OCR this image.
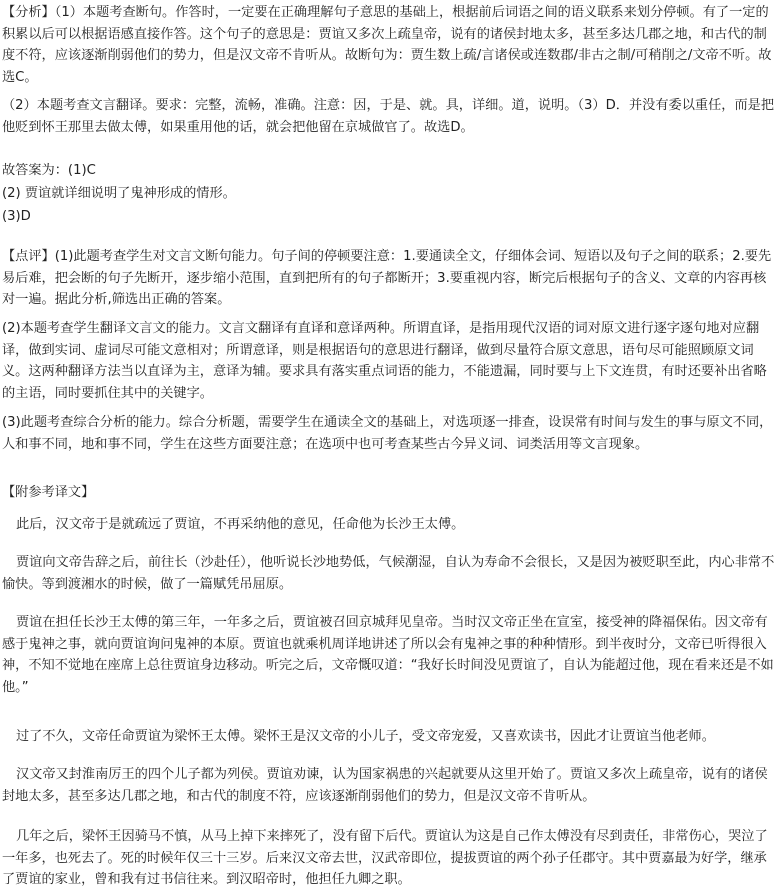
【分析】（1）本题考查断句。作答时，一定要在正确理解句子意思的基础上，根据前后词语之间的语义联系来划分停顿。有了一定的积累以后可以根据语感直接作答。这个句子的意思是：贾谊又多次上疏皇帝，说有的诸侯封地太多，甚至多达几郡之地，和古代的制度不符，应该逐渐削弱他们的势力，但是汉文帝不肯听从。故断句为：贾生数上疏/言诸侯或连数郡/非古之制/可稍削之/文帝不听。故选C。

（2）本题考查文言翻译。要求：完整，流畅，准确。注意：因，于是、就。具，详细。道，说明。（3）D．并没有委以重任，而是把他贬到怀王那里去做太傅，如果重用他的话，就会把他留在京城做官了。故选D。

故答案为：(1)C

(2) 贾谊就详细说明了鬼神形成的情形。

(3)D

【点评】(1)此题考查学生对文言文断句能力。句子间的停顿要注意：1.要通读全文，仔细体会词、短语以及句子之间的联系；2.要先易后难，把会断的句子先断开，逐步缩小范围，直到把所有的句子都断开；3.要重视内容，断完后根据句子的含义、文章的内容再核对一遍。据此分析,筛选出正确的答案。

(2)本题考查学生翻译文言文的能力。文言文翻译有直译和意译两种。所谓直译，是指用现代汉语的词对原文进行逐字逐句地对应翻译，做到实词、虚词尽可能文意相对；所谓意译，则是根据语句的意思进行翻译，做到尽量符合原文意思，语句尽可能照顾原文词义。这两种翻译方法当以直译为主，意译为辅。要求具有落实重点词语的能力，不能遗漏，同时要与上下文连贯，有时还要补出省略的主语，同时要抓住其中的关键字。

(3)此题考查综合分析的能力。综合分析题，需要学生在通读全文的基础上，对选项逐一排查，设误常有时间与发生的事与原文不同，人和事不同，地和事不同，学生在这些方面要注意；在选项中也可考查某些古今异义词、词类活用等文言现象。

【附参考译文】

此后，汉文帝于是就疏远了贾谊，不再采纳他的意见，任命他为长沙王太傅。

贾谊向文帝告辞之后，前往长（沙赴任），他听说长沙地势低，气候潮湿，自认为寿命不会很长，又是因为被贬职至此，内心非常不愉快。等到渡湘水的时候，做了一篇赋凭吊屈原。

贾谊在担任长沙王太傅的第三年，一年多之后，贾谊被召回京城拜见皇帝。当时汉文帝正坐在宣室，接受神的降福保佑。因文帝有感于鬼神之事，就向贾谊询问鬼神的本原。贾谊也就乘机周详地讲述了所以会有鬼神之事的种种情形。到半夜时分，文帝已听得很入神，不知不觉地在座席上总往贾谊身边移动。听完之后，文帝慨叹道：“我好长时间没见贾谊了，自认为能超过他，现在看来还是不如他。”

过了不久，文帝任命贾谊为梁怀王太傅。梁怀王是汉文帝的小儿子，受文帝宠爱，又喜欢读书，因此才让贾谊当他老师。

汉文帝又封淮南厉王的四个儿子都为列侯。贾谊劝谏，认为国家祸患的兴起就要从这里开始了。贾谊又多次上疏皇帝，说有的诸侯封地太多，甚至多达几郡之地，和古代的制度不符，应该逐渐削弱他们的势力，但是汉文帝不肯听从。

几年之后，梁怀王因骑马不慎，从马上掉下来摔死了，没有留下后代。贾谊认为这是自己作太傅没有尽到责任，非常伤心，哭泣了一年多，也死去了。死的时候年仅三十三岁。后来汉文帝去世，汉武帝即位，提拔贾谊的两个孙子任郡守。其中贾嘉最为好学，继承了贾谊的家业，曾和我有过书信往来。到汉昭帝时，他担任九卿之职。
